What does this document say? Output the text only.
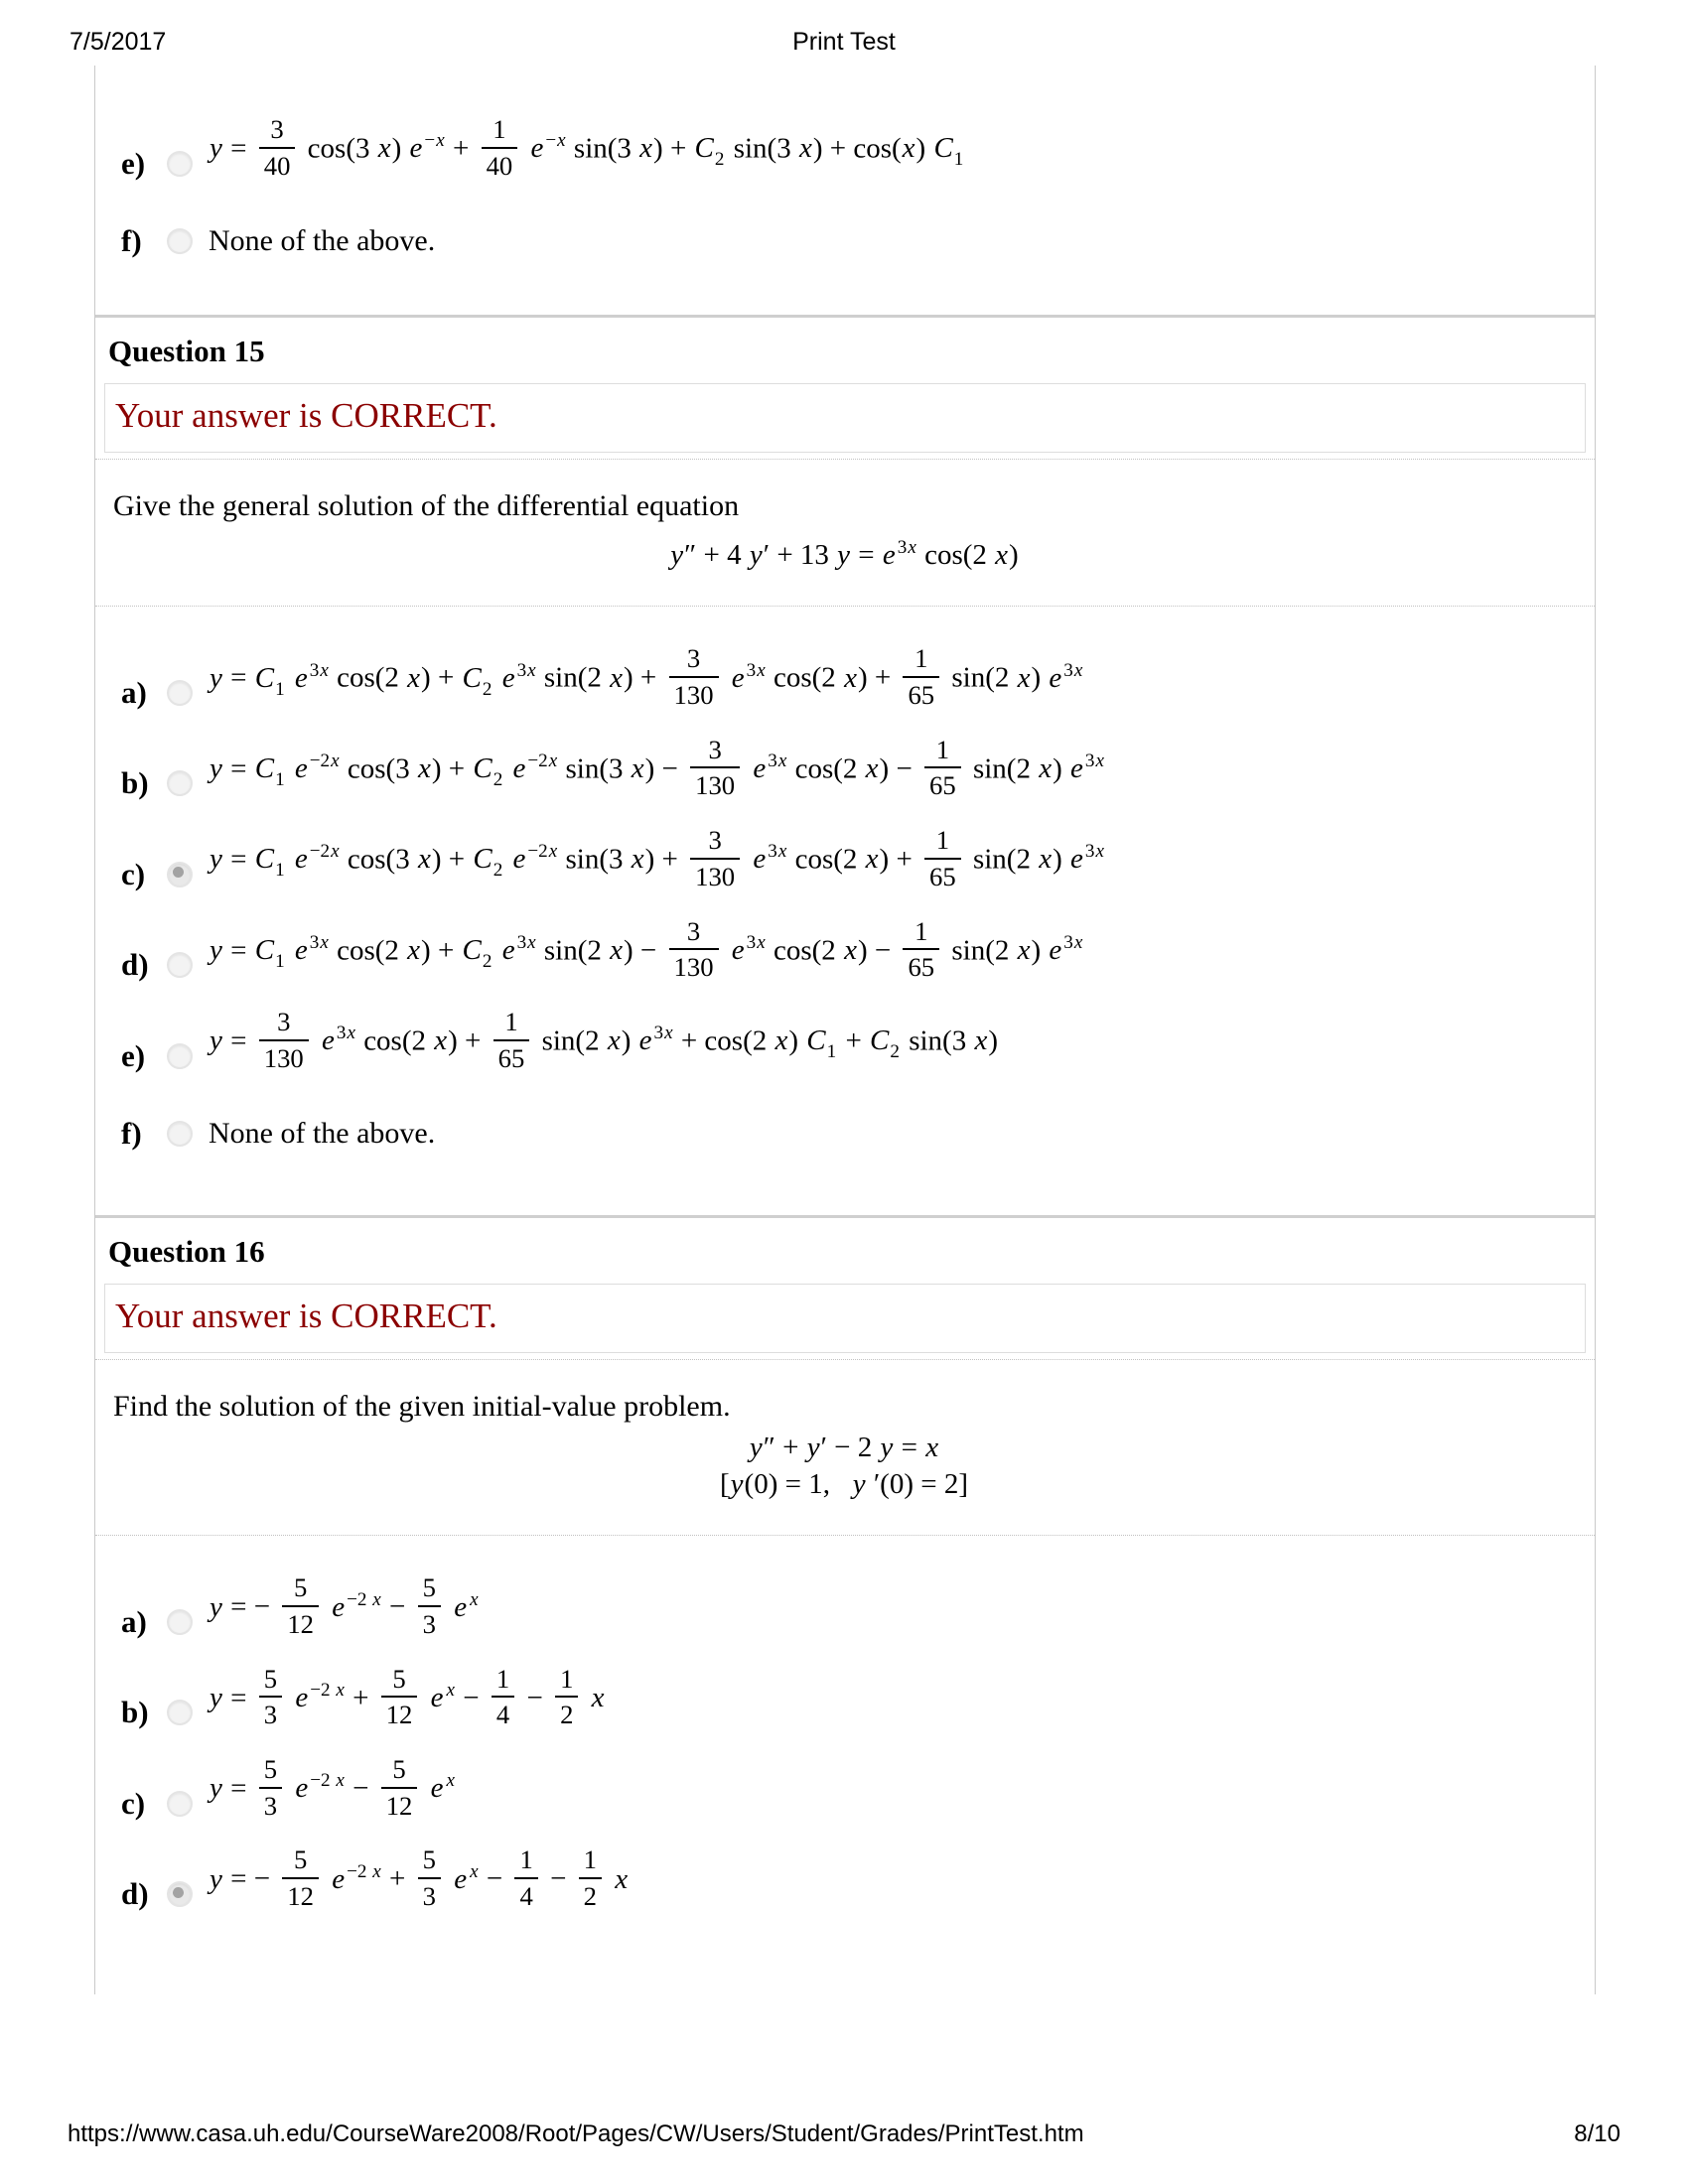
7/5/2017	Print Test
e)	$y = \frac{3}{40} \cos(3$ x) e $^{-x} + \frac{1}{40}$ e $^{-x}$ sin(3 $x) + C_2$ sin(3 x) + cos(x) $C_1$
f)	None of the above.
Question 15
Your answer is CORRECT.
Give the general solution of the differential equation
y″ + 4 y′ + 13 y = e $^{3x}$ cos(2 x)
a)	$y = C_1$ e $^{3x}$ cos(2 $x) + C_2$ e $^{3x}$ sin(2 $x) + \frac{3}{130}$ e $^{3x}$ cos(2 $x) + \frac{1}{65} \sin(2$ x) e $^{3x}$
b)	$y = C_1$ e $^{-2x}$ cos(3 $x) + C_2$ e $^{-2x}$ sin(3 $x) - \frac{3}{130}$ e $^{3x}$ cos(2 $x) - \frac{1}{65} \sin(2$ x) e $^{3x}$
c)	$y = C_1$ e $^{-2x}$ cos(3 $x) + C_2$ e $^{-2x}$ sin(3 $x) + \frac{3}{130}$ e $^{3x}$ cos(2 $x) + \frac{1}{65} \sin(2$ x) e $^{3x}$
d)	$y = C_1$ e $^{3x}$ cos(2 $x) + C_2$ e $^{3x}$ sin(2 $x) - \frac{3}{130}$ e $^{3x}$ cos(2 $x) - \frac{1}{65} \sin(2$ x) e $^{3x}$
e)	$y = \frac{3}{130}$ e $^{3x}$ cos(2 $x) + \frac{1}{65} \sin(2$ x) e $^{3x}$ + cos(2 x) $C_1 + C_2$ sin(3 x)
f)	None of the above.
Question 16
Your answer is CORRECT.
Find the solution of the given initial-value problem.
y″ + y′ − 2 y = x
[y(0) = 1,   y ′(0) = 2]
a)	y = − $\frac{5}{12}$ e $^{-2 x} - \frac{5}{3}$ e $^x$
b)	$y = \frac{5}{3}$ e $^{-2 x} + \frac{5}{12}$ e $^x - \frac{1}{4} - \frac{1}{2}$ x
c)	$y = \frac{5}{3}$ e $^{-2 x} - \frac{5}{12}$ e $^x$
d)	y = − $\frac{5}{12}$ e $^{-2 x} + \frac{5}{3}$ e $^x - \frac{1}{4} - \frac{1}{2}$ x
https://www.casa.uh.edu/CourseWare2008/Root/Pages/CW/Users/Student/Grades/PrintTest.htm	8/10
